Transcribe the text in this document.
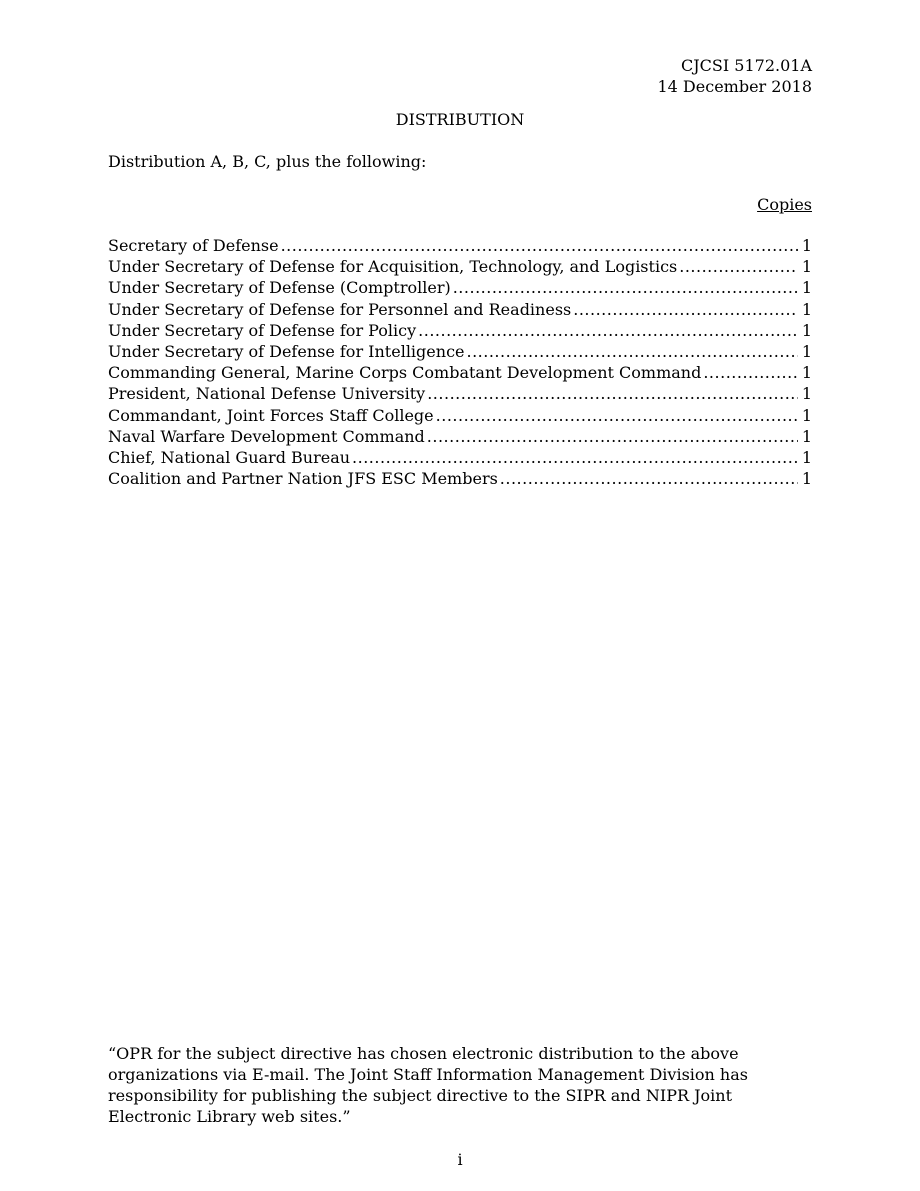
CJCSI 5172.01A
14 December 2018
DISTRIBUTION
Distribution A, B, C, plus the following:
Copies
Secretary of Defense .....	1
Under Secretary of Defense for Acquisition, Technology, and Logistics .....	1
Under Secretary of Defense (Comptroller) .....	1
Under Secretary of Defense for Personnel and Readiness .....	1
Under Secretary of Defense for Policy .....	1
Under Secretary of Defense for Intelligence .....	1
Commanding General, Marine Corps Combatant Development Command .....	1
President, National Defense University .....	1
Commandant, Joint Forces Staff College .....	1
Naval Warfare Development Command .....	1
Chief, National Guard Bureau .....	1
Coalition and Partner Nation JFS ESC Members .....	1
“OPR for the subject directive has chosen electronic distribution to the above organizations via E-mail. The Joint Staff Information Management Division has responsibility for publishing the subject directive to the SIPR and NIPR Joint Electronic Library web sites.”
i
